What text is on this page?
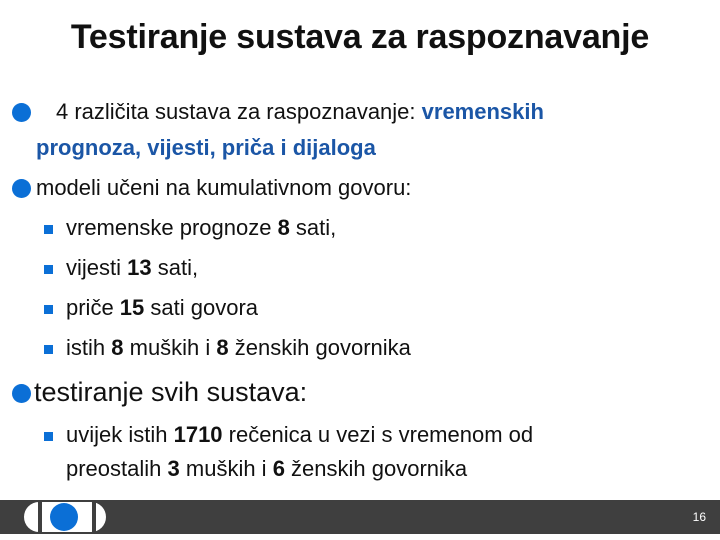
Testiranje sustava za raspoznavanje
4 različita sustava za raspoznavanje: vremenskih
prognoza, vijesti, priča i dijaloga
modeli učeni na kumulativnom govoru:
vremenske prognoze 8 sati,
vijesti 13 sati,
priče 15 sati govora
istih 8 muških i 8 ženskih govornika
testiranje svih sustava:
uvijek istih 1710 rečenica u vezi s vremenom od
preostalih 3 muških i 6 ženskih govornika
16
